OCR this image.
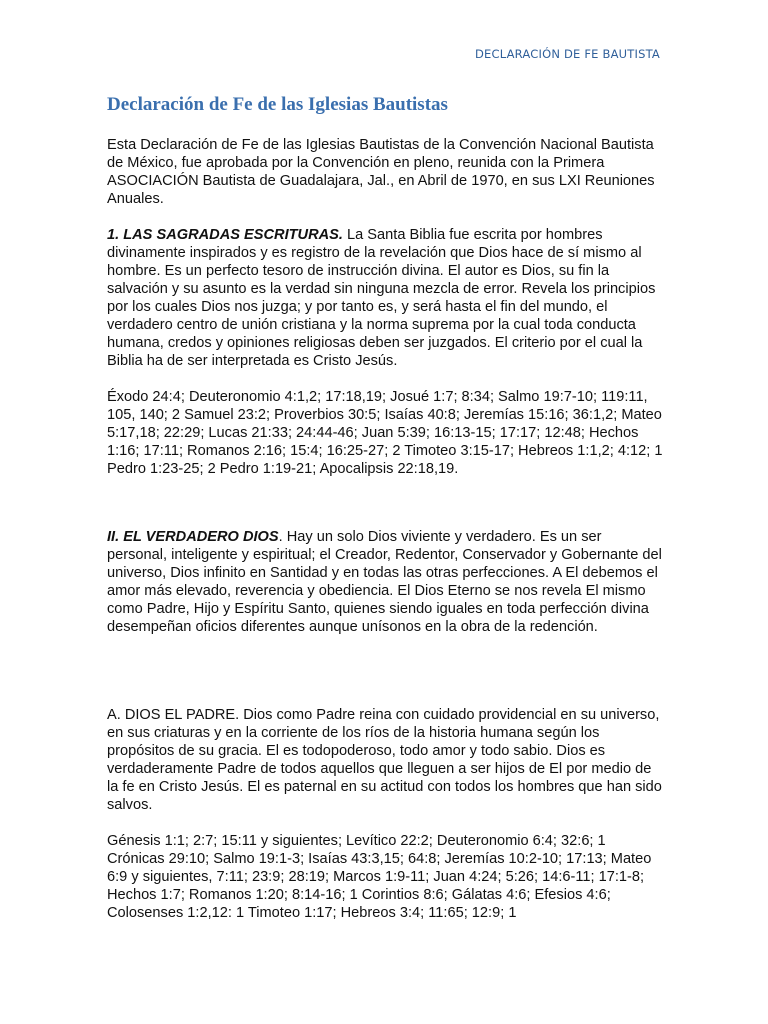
DECLARACIÓN DE FE BAUTISTA
Declaración de Fe de las Iglesias Bautistas

Esta Declaración de Fe de las Iglesias Bautistas de la Convención Nacional Bautista de México, fue aprobada por la Convención en pleno, reunida con la Primera ASOCIACIÓN Bautista de Guadalajara, Jal., en Abril de 1970, en sus LXI Reuniones Anuales.

1. LAS SAGRADAS ESCRITURAS. La Santa Biblia fue escrita por hombres divinamente inspirados y es registro de la revelación que Dios hace de sí mismo al hombre. Es un perfecto tesoro de instrucción divina. El autor es Dios, su fin la salvación y su asunto es la verdad sin ninguna mezcla de error. Revela los principios por los cuales Dios nos juzga; y por tanto es, y será hasta el fin del mundo, el verdadero centro de unión cristiana y la norma suprema por la cual toda conducta humana, credos y opiniones religiosas deben ser juzgados. El criterio por el cual la Biblia ha de ser interpretada es Cristo Jesús.

Éxodo 24:4; Deuteronomio 4:1,2; 17:18,19; Josué 1:7; 8:34; Salmo 19:7-10; 119:11, 105, 140; 2 Samuel 23:2; Proverbios 30:5; Isaías 40:8; Jeremías 15:16; 36:1,2; Mateo 5:17,18; 22:29; Lucas 21:33; 24:44-46; Juan 5:39; 16:13-15; 17:17; 12:48; Hechos 1:16; 17:11; Romanos 2:16; 15:4; 16:25-27; 2 Timoteo 3:15-17; Hebreos 1:1,2; 4:12; 1 Pedro 1:23-25; 2 Pedro 1:19-21; Apocalipsis 22:18,19.

II. EL VERDADERO DIOS. Hay un solo Dios viviente y verdadero. Es un ser personal, inteligente y espiritual; el Creador, Redentor, Conservador y Gobernante del universo, Dios infinito en Santidad y en todas las otras perfecciones. A El debemos el amor más elevado, reverencia y obediencia. El Dios Eterno se nos revela El mismo como Padre, Hijo y Espíritu Santo, quienes siendo iguales en toda perfección divina desempeñan oficios diferentes aunque unísonos en la obra de la redención.

A. DIOS EL PADRE. Dios como Padre reina con cuidado providencial en su universo, en sus criaturas y en la corriente de los ríos de la historia humana según los propósitos de su gracia. El es todopoderoso, todo amor y todo sabio. Dios es verdaderamente Padre de todos aquellos que lleguen a ser hijos de El por medio de la fe en Cristo Jesús. El es paternal en su actitud con todos los hombres que han sido salvos.

Génesis 1:1; 2:7; 15:11 y siguientes; Levítico 22:2; Deuteronomio 6:4; 32:6; 1 Crónicas 29:10; Salmo 19:1-3; Isaías 43:3,15; 64:8; Jeremías 10:2-10; 17:13; Mateo 6:9 y siguientes, 7:11; 23:9; 28:19; Marcos 1:9-11; Juan 4:24; 5:26; 14:6-11; 17:1-8; Hechos 1:7; Romanos 1:20; 8:14-16; 1 Corintios 8:6; Gálatas 4:6; Efesios 4:6; Colosenses 1:2,12: 1 Timoteo 1:17; Hebreos 3:4; 11:65; 12:9; 1
